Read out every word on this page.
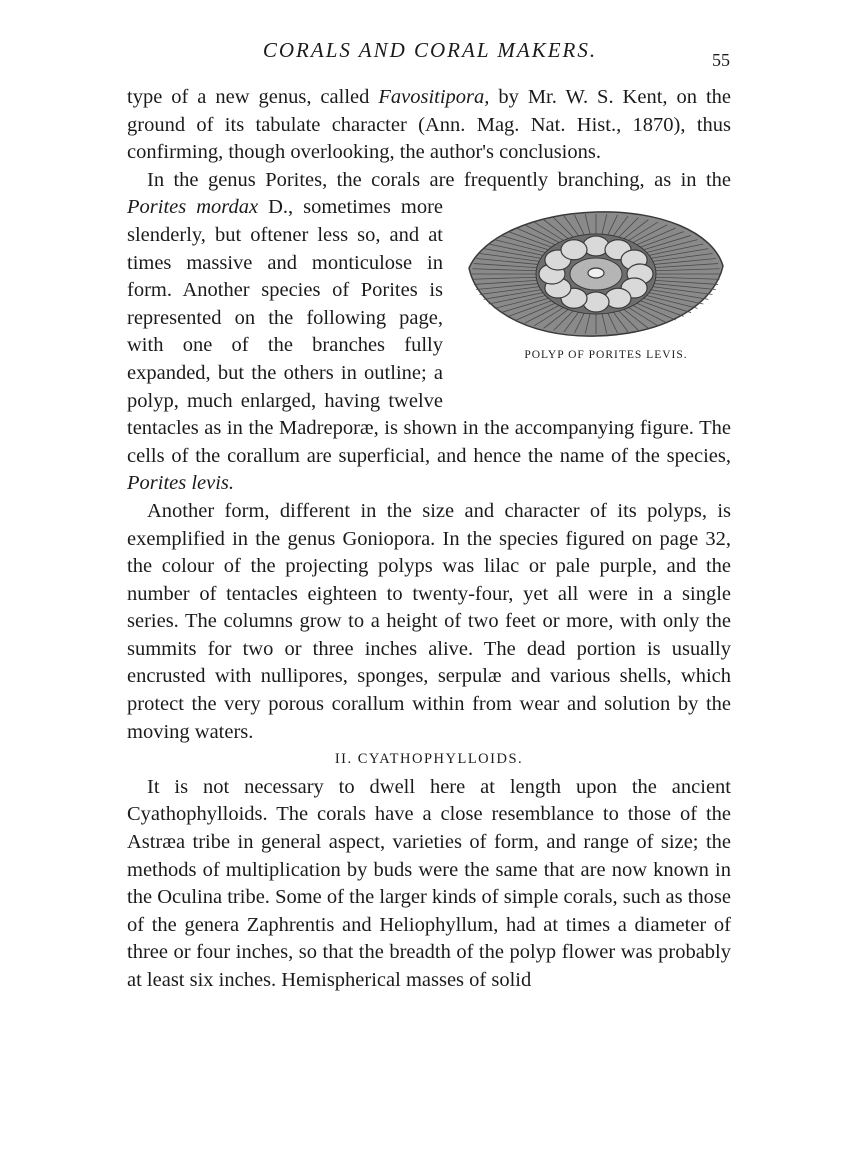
CORALS AND CORAL MAKERS.	55

type of a new genus, called Favositipora, by Mr. W. S. Kent, on the ground of its tabulate character (Ann. Mag. Nat. Hist., 1870), thus confirming, though overlooking, the author's conclusions.

In the genus Porites, the corals are frequently branching, as in the Porites mordax
POLYP OF PORITES LEVIS.
D., sometimes more slenderly, but oftener less so, and at times massive and monticulose in form. Another species of Porites is represented on the following page, with one of the branches fully expanded, but the others in outline; a polyp, much enlarged, having twelve tentacles as in the Madreporæ, is shown in the accompanying figure. The cells of the corallum are superficial, and hence the name of the species, Porites levis.

Another form, different in the size and character of its polyps, is exemplified in the genus Goniopora. In the species figured on page 32, the colour of the projecting polyps was lilac or pale purple, and the number of tentacles eighteen to twenty-four, yet all were in a single series. The columns grow to a height of two feet or more, with only the summits for two or three inches alive. The dead portion is usually encrusted with nullipores, sponges, serpulæ and various shells, which protect the very porous corallum within from wear and solution by the moving waters.

II. CYATHOPHYLLOIDS.

It is not necessary to dwell here at length upon the ancient Cyathophylloids. The corals have a close resemblance to those of the Astræa tribe in general aspect, varieties of form, and range of size; the methods of multiplication by buds were the same that are now known in the Oculina tribe. Some of the larger kinds of simple corals, such as those of the genera Zaphrentis and Heliophyllum, had at times a diameter of three or four inches, so that the breadth of the polyp flower was probably at least six inches. Hemispherical masses of solid
